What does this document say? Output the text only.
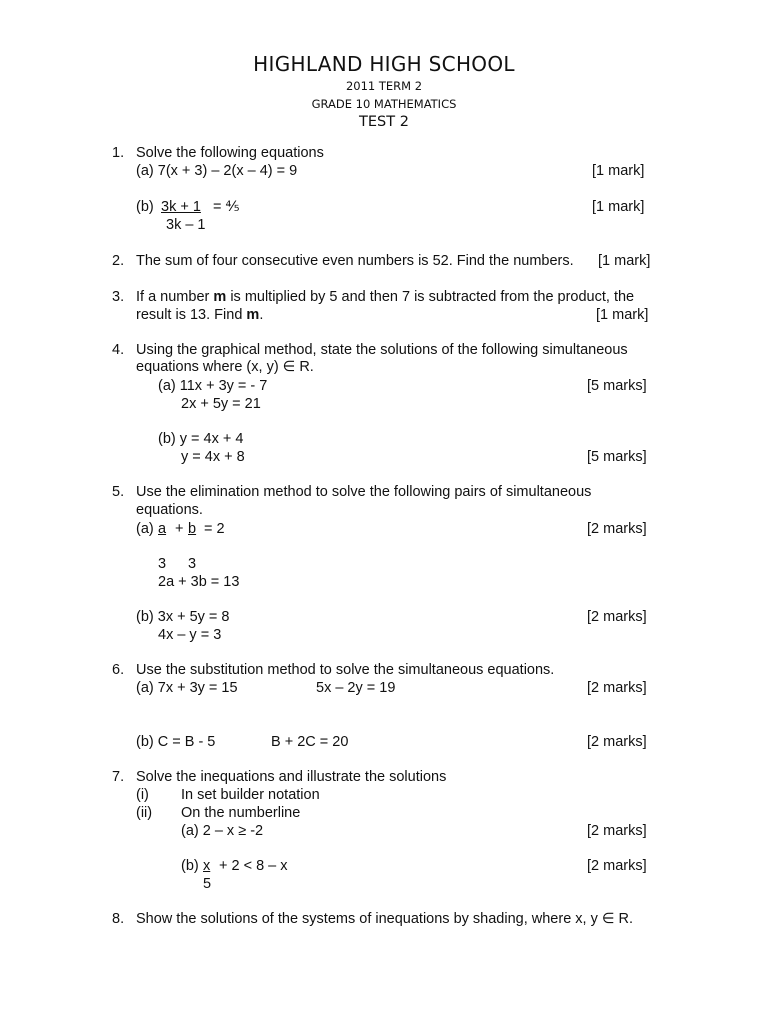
HIGHLAND HIGH SCHOOL
2011 TERM 2
GRADE 10 MATHEMATICS
TEST 2
1. Solve the following equations
(a) 7(x + 3) – 2(x – 4) = 9	[1 mark]
(b) 3k + 1 = ⅘
3k – 1
[1 mark]
2. The sum of four consecutive even numbers is 52. Find the numbers. [1 mark]
3. If a number m is multiplied by 5 and then 7 is subtracted from the product, the
result is 13. Find m.	[1 mark]
4. Using the graphical method, state the solutions of the following simultaneous
equations where (x, y) ∈ R.
(a) 11x + 3y = - 7	[5 marks]
2x + 5y = 21
(b) y = 4x + 4
y = 4x + 8	[5 marks]
5. Use the elimination method to solve the following pairs of simultaneous
equations.
(a) a + b = 2	[2 marks]
3 3
2a + 3b = 13
(b) 3x + 5y = 8	[2 marks]
4x – y = 3
6. Use the substitution method to solve the simultaneous equations.
(a) 7x + 3y = 15	5x – 2y = 19	[2 marks]
(b) C = B - 5	B + 2C = 20	[2 marks]
7. Solve the inequations and illustrate the solutions
(i) In set builder notation
(ii) On the numberline
(a) 2 – x ≥ -2	[2 marks]
(b) x + 2 < 8 – x	[2 marks]
5
8. Show the solutions of the systems of inequations by shading, where x, y ∈ R.
